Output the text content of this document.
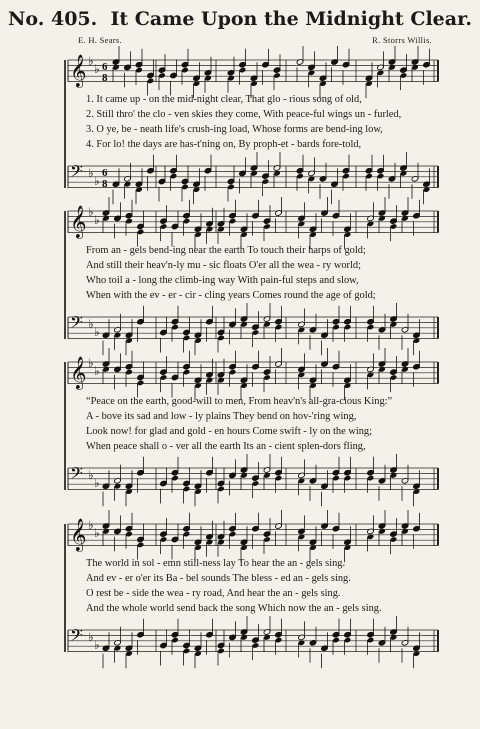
No. 405. It Came Upon the Midnight Clear.
E. H. Sears.	R. Storrs Willis.
𝄞 ♭
♭ 6
8
𝄢 ♭
♭
6
8
1. It came up - on the mid-night clear, That glo - rious song of old,
2. Still thro' the clo - ven skies they come, With peace-ful wings un - furled,
3. O ye, be - neath life's crush-ing load, Whose forms are bend-ing low,
4. For lo! the days are has-t'ning on, By proph-et - bards fore-told,
𝄞 ♭
♭
𝄢 ♭
♭
From an - gels bend-ing near the earth To touch their harps of gold;
And still their heav'n-ly mu - sic floats O'er all the wea - ry world;
Who toil a - long the climb-ing way With pain-ful steps and slow,
When with the ev - er - cir - cling years Comes round the age of gold;
𝄞 ♭
♭
𝄢 ♭
♭
“Peace on the earth, good-will to men, From heav'n's all-gra-cious King:”
A - bove its sad and low - ly plains They bend on hov-'ring wing,
Look now! for glad and gold - en hours Come swift - ly on the wing;
When peace shall o - ver all the earth Its an - cient splen-dors fling,
𝄞 ♭
♭
𝄢 ♭
♭
The world in sol - emn still-ness lay To hear the an - gels sing.
And ev - er o'er its Ba - bel sounds The bless - ed an - gels sing.
O rest be - side the wea - ry road, And hear the an - gels sing.
And the whole world send back the song Which now the an - gels sing.
